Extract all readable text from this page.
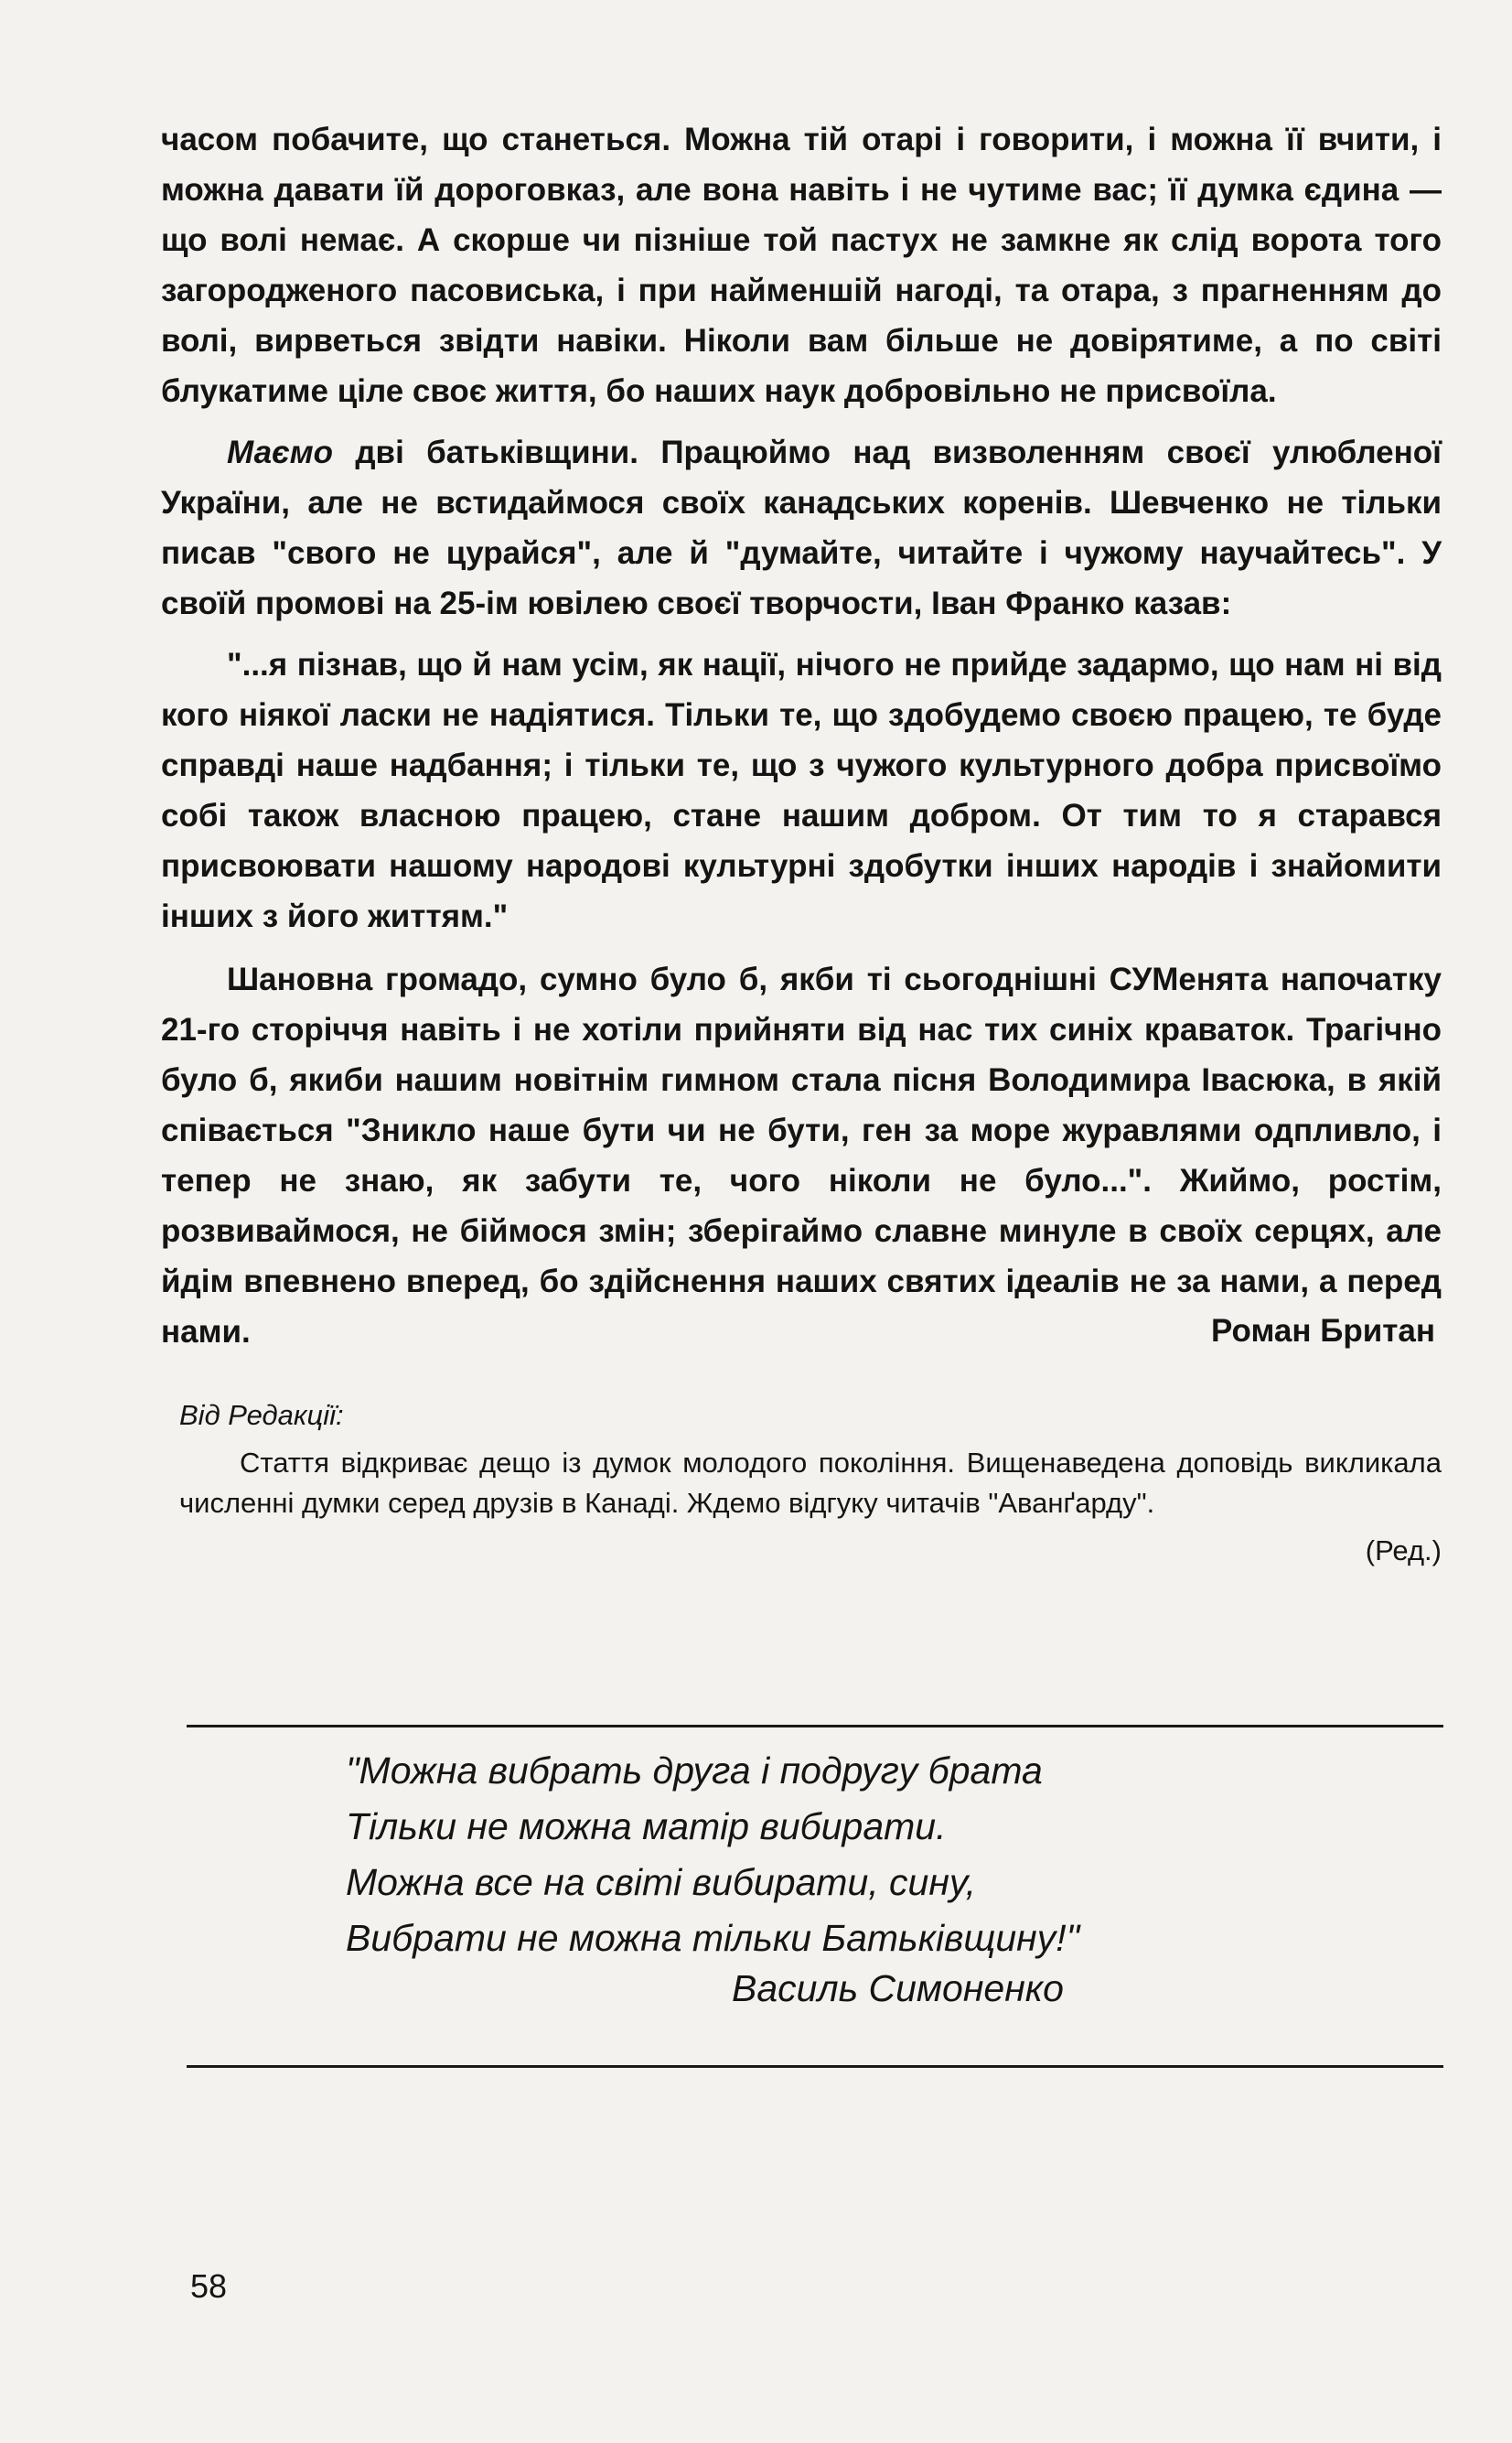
часом побачите, що станеться. Можна тій отарі і говорити, і можна її вчити, і можна давати їй дороговказ, але вона навіть і не чутиме вас; її думка єдина — що волі немає. А скорше чи пізніше той пастух не замкне як слід ворота того загородженого пасовиська, і при найменшій нагоді, та отара, з прагненням до волі, вирветься звідти навіки. Ніколи вам більше не довірятиме, а по світі блукатиме ціле своє життя, бо наших наук добровільно не присвоїла.

Маємо дві батьківщини. Працюймо над визволенням своєї улюбленої України, але не встидаймося своїх канадських коренів. Шевченко не тільки писав "свого не цурайся", але й "думайте, читайте і чужому научайтесь". У своїй промові на 25-ім ювілею своєї творчости, Іван Франко казав:

"...я пізнав, що й нам усім, як нації, нічого не прийде задармо, що нам ні від кого ніякої ласки не надіятися. Тільки те, що здобудемо своєю працею, те буде справді наше надбання; і тільки те, що з чужого культурного добра присвоїмо собі також власною працею, стане нашим добром. От тим то я старався присвоювати нашому народові культурні здобутки інших народів і знайомити інших з його життям."

Шановна громадо, сумно було б, якби ті сьогоднішні СУМенята напочатку 21-го сторіччя навіть і не хотіли прийняти від нас тих синіх краваток. Трагічно було б, якиби нашим новітнім гимном стала пісня Володимира Івасюка, в якій співається "Зникло наше бути чи не бути, ген за море журавлями одпливло, і тепер не знаю, як забути те, чого ніколи не було...". Жиймо, ростім, розвиваймося, не біймося змін; зберігаймо славне минуле в своїх серцях, але йдім впевнено вперед, бо здійснення наших святих ідеалів не за нами, а перед нами.	Роман Британ

Від Редакції:

Стаття відкриває дещо із думок молодого покоління. Вищенаведена доповідь викликала численні думки серед друзів в Канаді. Ждемо відгуку читачів "Аванґарду".

(Ред.)
"Можна вибрать друга і подругу брата
Тільки не можна матір вибирати.
Можна все на світі вибирати, сину,
Вибрати не можна тільки Батьківщину!"
Василь Симоненко
58
